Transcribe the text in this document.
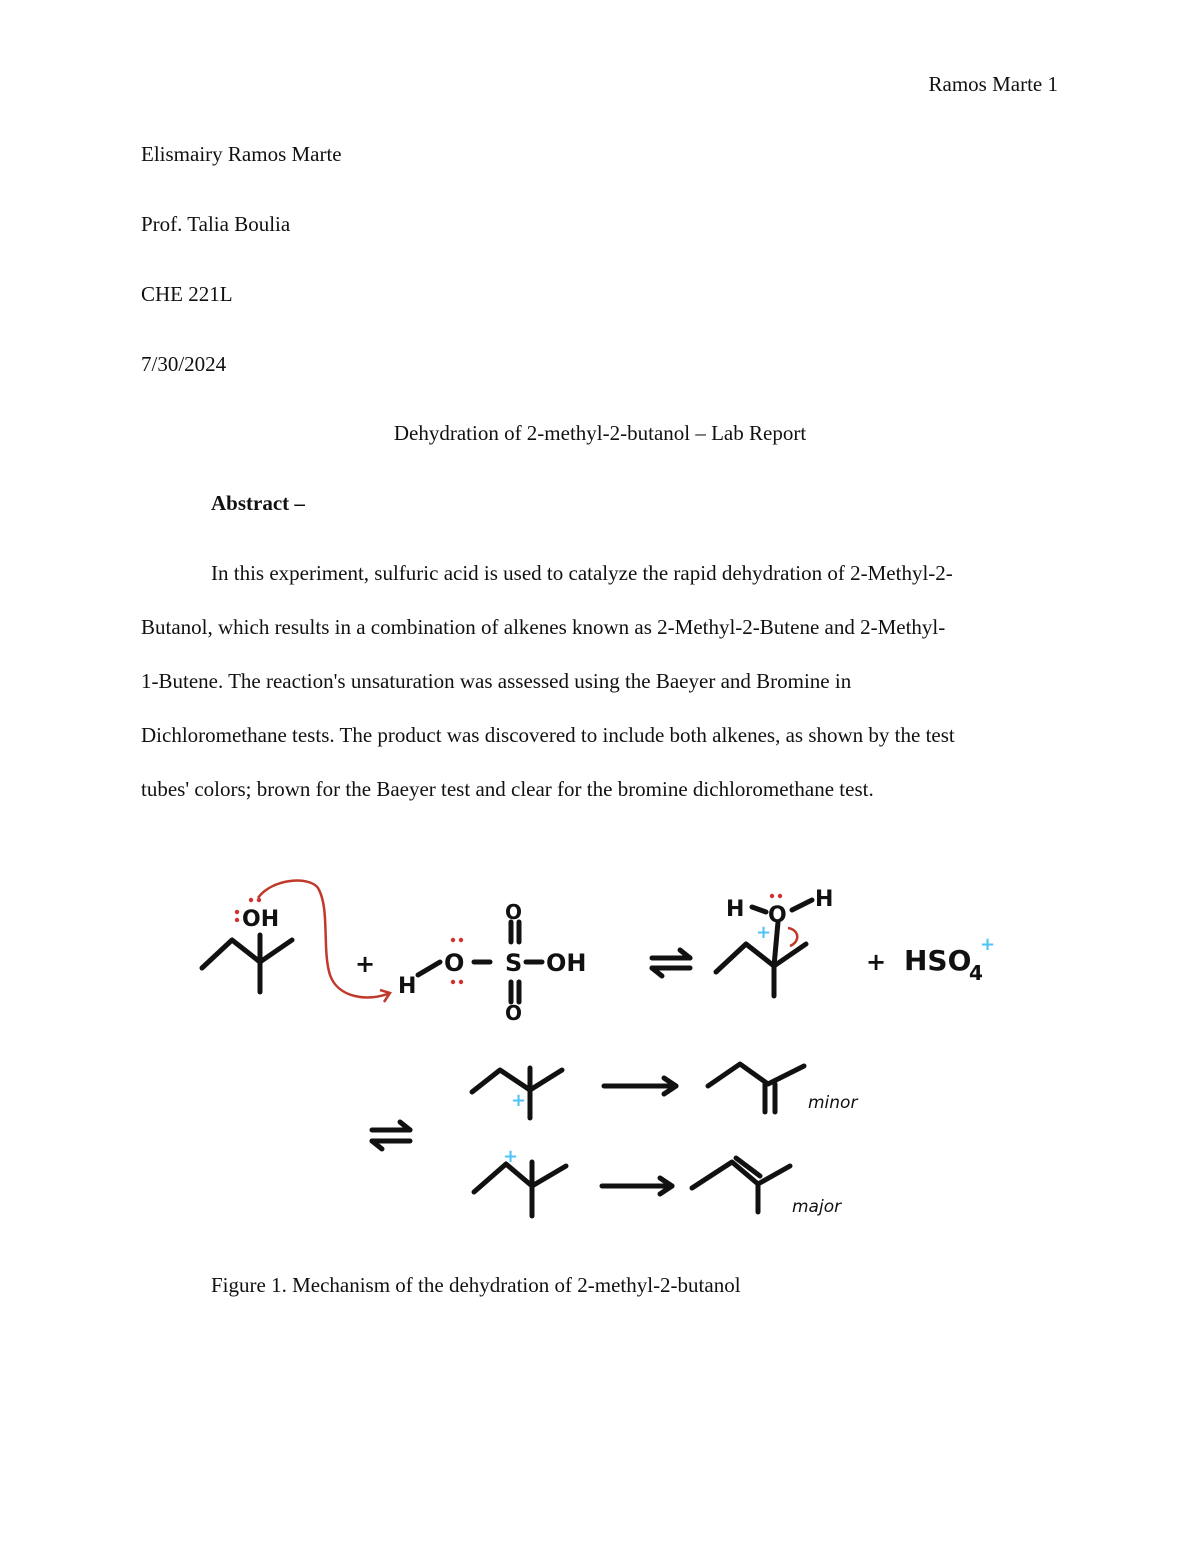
Ramos Marte 1
Elismairy Ramos Marte
Prof. Talia Boulia
CHE 221L
7/30/2024
Dehydration of 2-methyl-2-butanol – Lab Report
Abstract –
In this experiment, sulfuric acid is used to catalyze the rapid dehydration of 2-Methyl-2-
Butanol, which results in a combination of alkenes known as 2-Methyl-2-Butene and 2-Methyl-
1-Butene. The reaction's unsaturation was assessed using the Baeyer and Bromine in
Dichloromethane tests. The product was discovered to include both alkenes, as shown by the test
tubes' colors; brown for the Baeyer test and clear for the bromine dichloromethane test.
OH
+
H
O S
O
O
OH
H O
H
+ HSO
4
+
+
+
+
minor
major
Figure 1. Mechanism of the dehydration of 2-methyl-2-butanol
